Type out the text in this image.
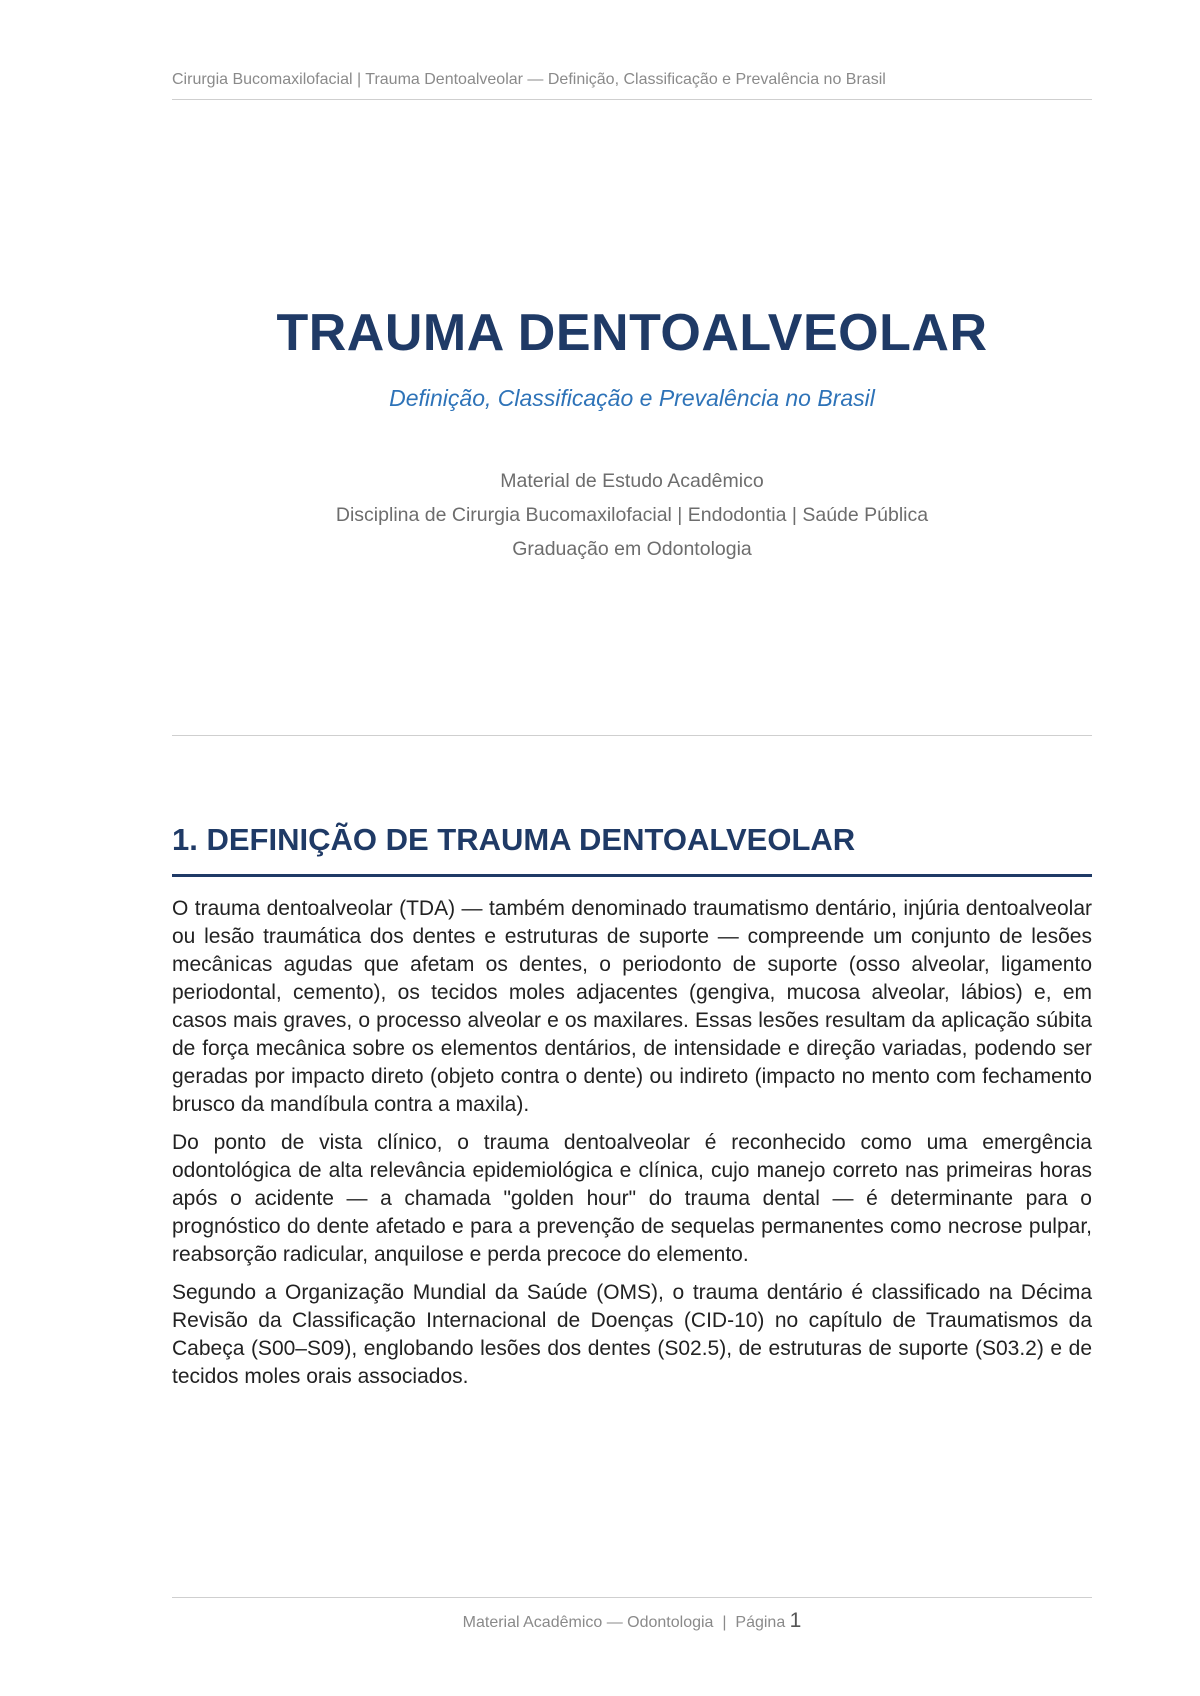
Cirurgia Bucomaxilofacial | Trauma Dentoalveolar — Definição, Classificação e Prevalência no Brasil
TRAUMA DENTOALVEOLAR
Definição, Classificação e Prevalência no Brasil
Material de Estudo Acadêmico
Disciplina de Cirurgia Bucomaxilofacial | Endodontia | Saúde Pública
Graduação em Odontologia
1. DEFINIÇÃO DE TRAUMA DENTOALVEOLAR

O trauma dentoalveolar (TDA) — também denominado traumatismo dentário, injúria dentoalveolar ou lesão traumática dos dentes e estruturas de suporte — compreende um conjunto de lesões mecânicas agudas que afetam os dentes, o periodonto de suporte (osso alveolar, ligamento periodontal, cemento), os tecidos moles adjacentes (gengiva, mucosa alveolar, lábios) e, em casos mais graves, o processo alveolar e os maxilares. Essas lesões resultam da aplicação súbita de força mecânica sobre os elementos dentários, de intensidade e direção variadas, podendo ser geradas por impacto direto (objeto contra o dente) ou indireto (impacto no mento com fechamento brusco da mandíbula contra a maxila).

Do ponto de vista clínico, o trauma dentoalveolar é reconhecido como uma emergência odontológica de alta relevância epidemiológica e clínica, cujo manejo correto nas primeiras horas após o acidente — a chamada "golden hour" do trauma dental — é determinante para o prognóstico do dente afetado e para a prevenção de sequelas permanentes como necrose pulpar, reabsorção radicular, anquilose e perda precoce do elemento.

Segundo a Organização Mundial da Saúde (OMS), o trauma dentário é classificado na Décima Revisão da Classificação Internacional de Doenças (CID-10) no capítulo de Traumatismos da Cabeça (S00–S09), englobando lesões dos dentes (S02.5), de estruturas de suporte (S03.2) e de tecidos moles orais associados.

Material Acadêmico — Odontologia  |  Página 1
